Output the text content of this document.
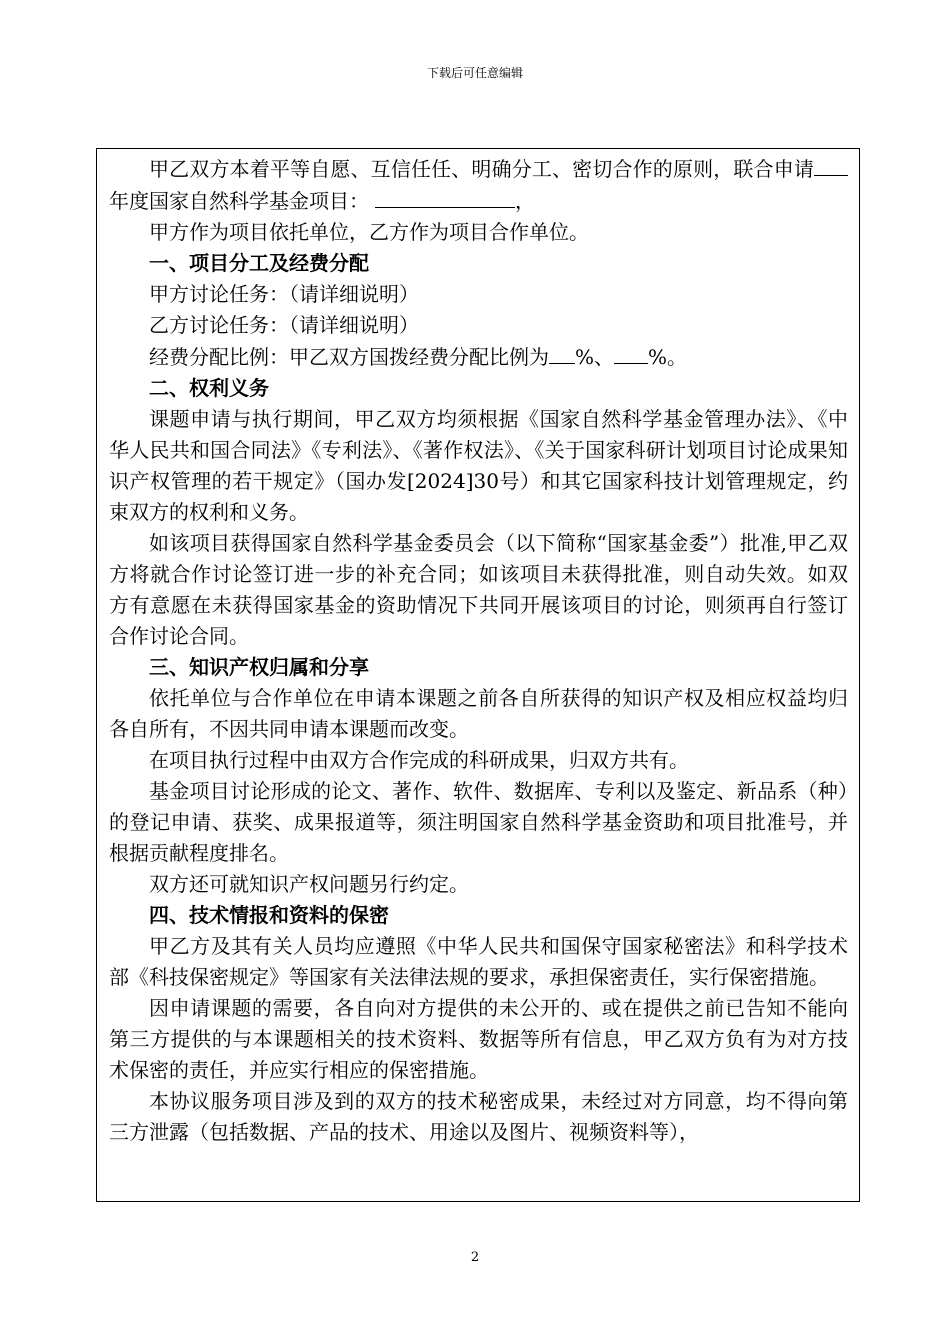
下载后可任意编辑

甲乙双方本着平等自愿、互信任任、明确分工、密切合作的原则，联合申请年度国家自然科学基金项目：	，

甲方作为项目依托单位，乙方作为项目合作单位。

一、项目分工及经费分配

甲方讨论任务：（请详细说明）

乙方讨论任务：（请详细说明）

经费分配比例：甲乙双方国拨经费分配比例为 %、 %。

二、权利义务

课题申请与执行期间，甲乙双方均须根据《国家自然科学基金管理办法》、《中华人民共和国合同法》《专利法》、《著作权法》、《关于国家科研计划项目讨论成果知识产权管理的若干规定》（国办发[2024]30号）和其它国家科技计划管理规定，约束双方的权利和义务。

如该项目获得国家自然科学基金委员会（以下简称“国家基金委”）批准,甲乙双方将就合作讨论签订进一步的补充合同；如该项目未获得批准，则自动失效。如双方有意愿在未获得国家基金的资助情况下共同开展该项目的讨论，则须再自行签订合作讨论合同。

三、知识产权归属和分享

依托单位与合作单位在申请本课题之前各自所获得的知识产权及相应权益均归各自所有，不因共同申请本课题而改变。

在项目执行过程中由双方合作完成的科研成果，归双方共有。

基金项目讨论形成的论文、著作、软件、数据库、专利以及鉴定、新品系（种）的登记申请、获奖、成果报道等，须注明国家自然科学基金资助和项目批准号，并根据贡献程度排名。

双方还可就知识产权问题另行约定。

四、技术情报和资料的保密

甲乙方及其有关人员均应遵照《中华人民共和国保守国家秘密法》和科学技术部《科技保密规定》等国家有关法律法规的要求，承担保密责任，实行保密措施。

因申请课题的需要，各自向对方提供的未公开的、或在提供之前已告知不能向第三方提供的与本课题相关的技术资料、数据等所有信息，甲乙双方负有为对方技术保密的责任，并应实行相应的保密措施。

本协议服务项目涉及到的双方的技术秘密成果，未经过对方同意，均不得向第三方泄露（包括数据、产品的技术、用途以及图片、视频资料等），

2
